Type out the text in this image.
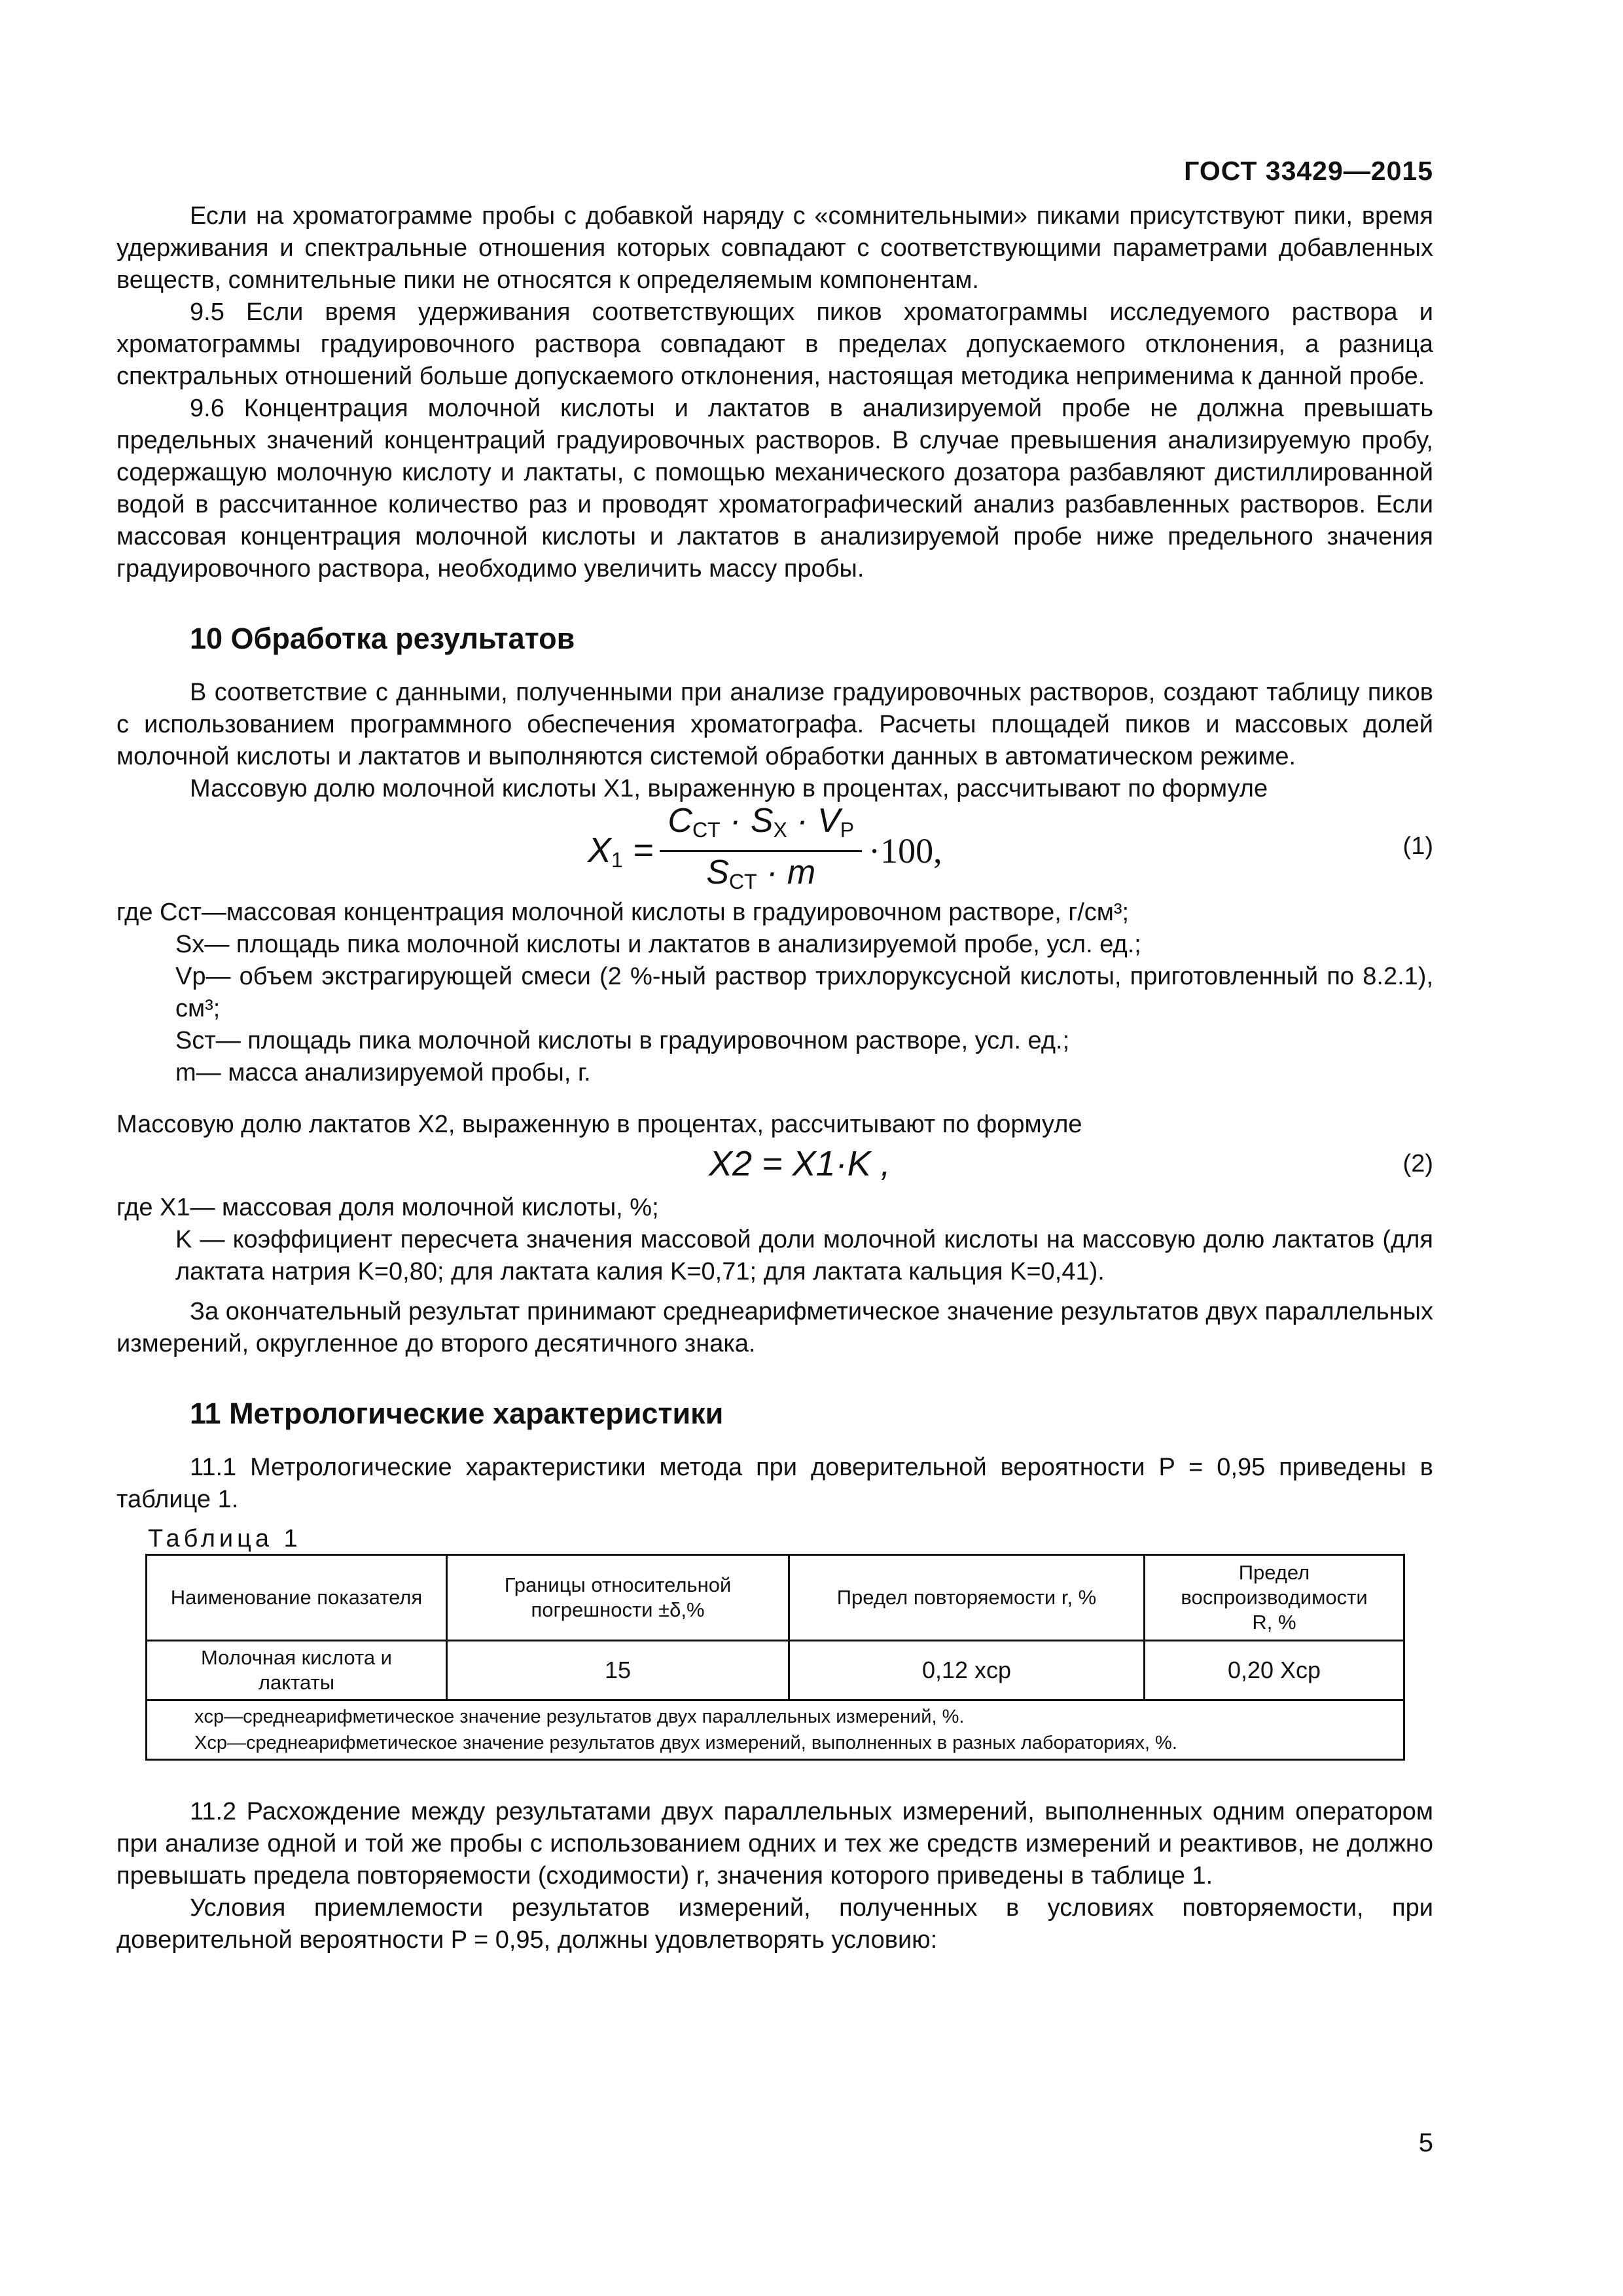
ГОСТ 33429—2015

Если на хроматограмме пробы с добавкой наряду с «сомнительными» пиками присутствуют пики, время удерживания и спектральные отношения которых совпадают с соответствующими параметрами добавленных веществ, сомнительные пики не относятся к определяемым компонентам.

9.5 Если время удерживания соответствующих пиков хроматограммы исследуемого раствора и хроматограммы градуировочного раствора совпадают в пределах допускаемого отклонения, а разница спектральных отношений больше допускаемого отклонения, настоящая методика неприменима к данной пробе.

9.6 Концентрация молочной кислоты и лактатов в анализируемой пробе не должна превышать предельных значений концентраций градуировочных растворов. В случае превышения анализируемую пробу, содержащую молочную кислоту и лактаты, с помощью механического дозатора разбавляют дистиллированной водой в рассчитанное количество раз и проводят хроматографический анализ разбавленных растворов. Если массовая концентрация молочной кислоты и лактатов в анализируемой пробе ниже предельного значения градуировочного раствора, необходимо увеличить массу пробы.

10 Обработка результатов

В соответствие с данными, полученными при анализе градуировочных растворов, создают таблицу пиков с использованием программного обеспечения хроматографа. Расчеты площадей пиков и массовых долей молочной кислоты и лактатов и выполняются системой обработки данных в автоматическом режиме.

Массовую долю молочной кислоты X1, выраженную в процентах, рассчитывают по формуле

$X_1 = \frac{C_{CT} \cdot S_X \cdot V_P}{S_{CT} \cdot m} \cdot 100$,	(1)
где Cст—массовая концентрация молочной кислоты в градуировочном растворе, г/см³;
Sx— площадь пика молочной кислоты и лактатов в анализируемой пробе, усл. ед.;
Vp— объем экстрагирующей смеси (2 %-ный раствор трихлоруксусной кислоты, приготовленный по 8.2.1), см³;
Sст— площадь пика молочной кислоты в градуировочном растворе, усл. ед.;
m— масса анализируемой пробы, г.

Массовую долю лактатов X2, выраженную в процентах, рассчитывают по формуле

X2 = X1·K ,	(2)
где X1— массовая доля молочной кислоты, %;
K — коэффициент пересчета значения массовой доли молочной кислоты на массовую долю лактатов (для лактата натрия K=0,80; для лактата калия K=0,71; для лактата кальция K=0,41).

За окончательный результат принимают среднеарифметическое значение результатов двух параллельных измерений, округленное до второго десятичного знака.

11 Метрологические характеристики

11.1 Метрологические характеристики метода при доверительной вероятности P = 0,95 приведены в таблице 1.

Таблица 1
Наименование показателя	Границы относительной погрешности ±δ,%	Предел повторяемости r, %	Предел воспроизводимости R, %
Молочная кислота и лактаты	15	0,12 xср	0,20 Xср

xср—среднеарифметическое значение результатов двух параллельных измерений, %.
Xср—среднеарифметическое значение результатов двух измерений, выполненных в разных лабораториях, %.			

11.2 Расхождение между результатами двух параллельных измерений, выполненных одним оператором при анализе одной и той же пробы с использованием одних и тех же средств измерений и реактивов, не должно превышать предела повторяемости (сходимости) r, значения которого приведены в таблице 1.

Условия приемлемости результатов измерений, полученных в условиях повторяемости, при доверительной вероятности P = 0,95, должны удовлетворять условию:

5
